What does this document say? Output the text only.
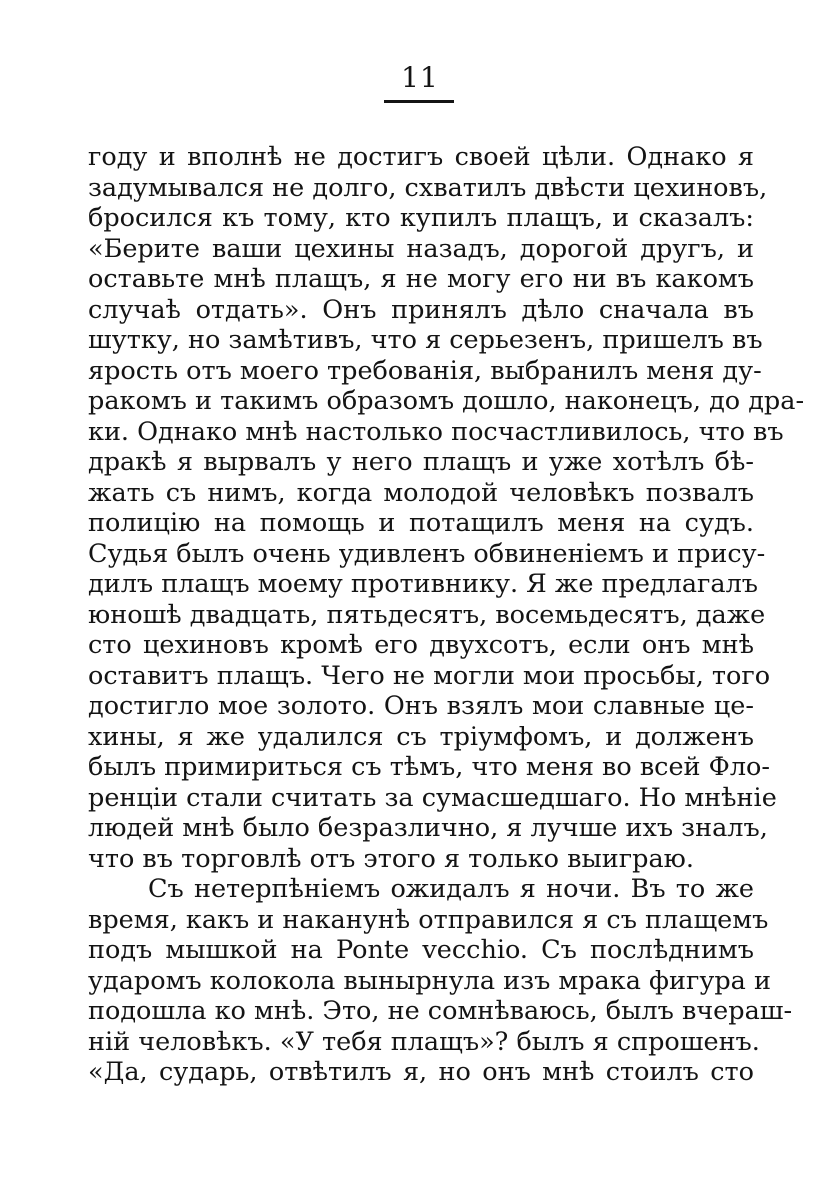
11
году и вполнѣ не достигъ своей цѣли. Однако я
задумывался не долго, схватилъ двѣсти цехиновъ,
бросился къ тому, кто купилъ плащъ, и сказалъ:
«Берите ваши цехины назадъ, дорогой другъ, и
оставьте мнѣ плащъ, я не могу его ни въ какомъ
случаѣ отдать». Онъ принялъ дѣло сначала въ
шутку, но замѣтивъ, что я серьезенъ, пришелъ въ
ярость отъ моего требованія, выбранилъ меня ду-
ракомъ и такимъ образомъ дошло, наконецъ, до дра-
ки. Однако мнѣ настолько посчастливилось, что въ
дракѣ я вырвалъ у него плащъ и уже хотѣлъ бѣ-
жать съ нимъ, когда молодой человѣкъ позвалъ
полицію на помощь и потащилъ меня на судъ.
Судья былъ очень удивленъ обвиненіемъ и прису-
дилъ плащъ моему противнику. Я же предлагалъ
юношѣ двадцать, пятьдесятъ, восемьдесятъ, даже
сто цехиновъ кромѣ его двухсотъ, если онъ мнѣ
оставитъ плащъ. Чего не могли мои просьбы, того
достигло мое золото. Онъ взялъ мои славные це-
хины, я же удалился съ тріумфомъ, и долженъ
былъ примириться съ тѣмъ, что меня во всей Фло-
ренціи стали считать за сумасшедшаго. Но мнѣніе
людей мнѣ было безразлично, я лучше ихъ зналъ,
что въ торговлѣ отъ этого я только выиграю.
Съ нетерпѣніемъ ожидалъ я ночи. Въ то же
время, какъ и наканунѣ отправился я съ плащемъ
подъ мышкой на Ponte vecchio. Съ послѣднимъ
ударомъ колокола вынырнула изъ мрака фигура и
подошла ко мнѣ. Это, не сомнѣваюсь, былъ вчераш-
ній человѣкъ. «У тебя плащъ»? былъ я спрошенъ.
«Да, сударь, отвѣтилъ я, но онъ мнѣ стоилъ сто
